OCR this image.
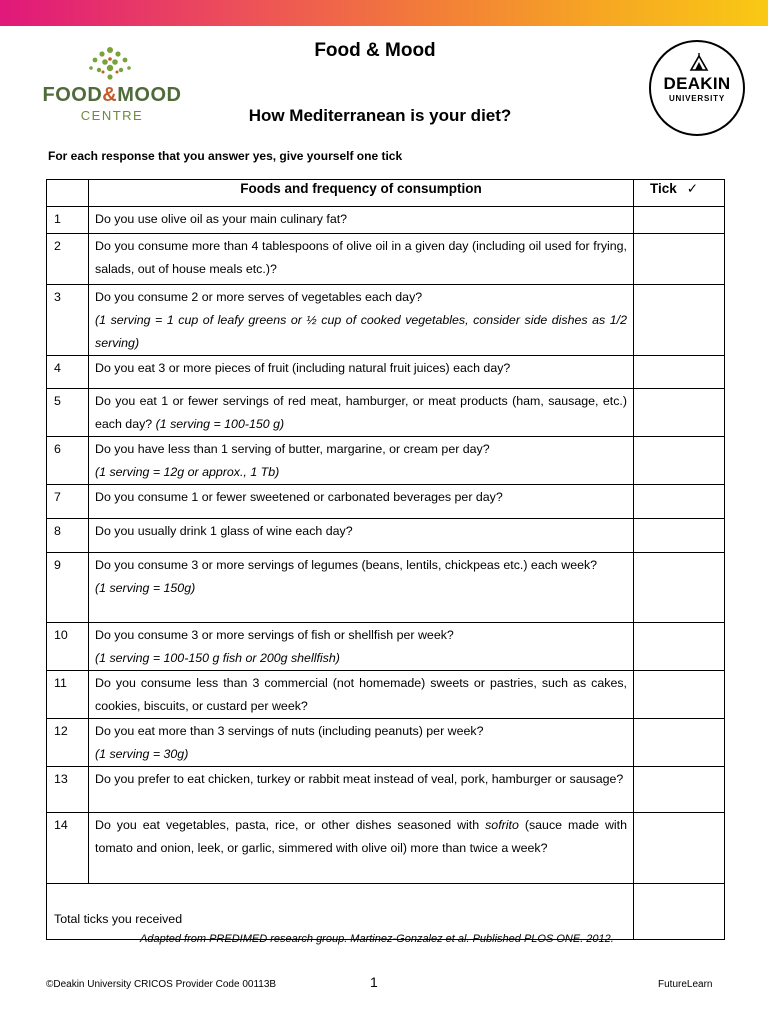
FOOD&MOOD
CENTRE
Food & Mood
How Mediterranean is your diet?
DEAKIN
UNIVERSITY
For each response that you answer yes, give yourself one tick
	Foods and frequency of consumption	Tick ✓
1	Do you use olive oil as your main culinary fat?	
2	Do you consume more than 4 tablespoons of olive oil in a given day (including oil used for frying, salads, out of house meals etc.)?	
3	Do you consume 2 or more serves of vegetables each day?
(1 serving = 1 cup of leafy greens or ½ cup of cooked vegetables, consider side dishes as 1/2 serving)	
4	Do you eat 3 or more pieces of fruit (including natural fruit juices) each day?	
5	Do you eat 1 or fewer servings of red meat, hamburger, or meat products (ham, sausage, etc.) each day? (1 serving = 100-150 g)	
6	Do you have less than 1 serving of butter, margarine, or cream per day?
(1 serving = 12g or approx., 1 Tb)	
7	Do you consume 1 or fewer sweetened or carbonated beverages per day?	
8	Do you usually drink 1 glass of wine each day?	
9	Do you consume 3 or more servings of legumes (beans, lentils, chickpeas etc.) each week?
(1 serving = 150g)	
10	Do you consume 3 or more servings of fish or shellfish per week?
(1 serving = 100-150 g fish or 200g shellfish)	
11	Do you consume less than 3 commercial (not homemade) sweets or pastries, such as cakes, cookies, biscuits, or custard per week?	
12	Do you eat more than 3 servings of nuts (including peanuts) per week?
(1 serving = 30g)	
13	Do you prefer to eat chicken, turkey or rabbit meat instead of veal, pork, hamburger or sausage?	
14	Do you eat vegetables, pasta, rice, or other dishes seasoned with sofrito (sauce made with tomato and onion, leek, or garlic, simmered with olive oil) more than twice a week?	
Total ticks you received		
Adapted from PREDIMED research group. Martinez-Gonzalez et al. Published PLOS ONE. 2012.
©Deakin University CRICOS Provider Code 00113B	1	FutureLearn
